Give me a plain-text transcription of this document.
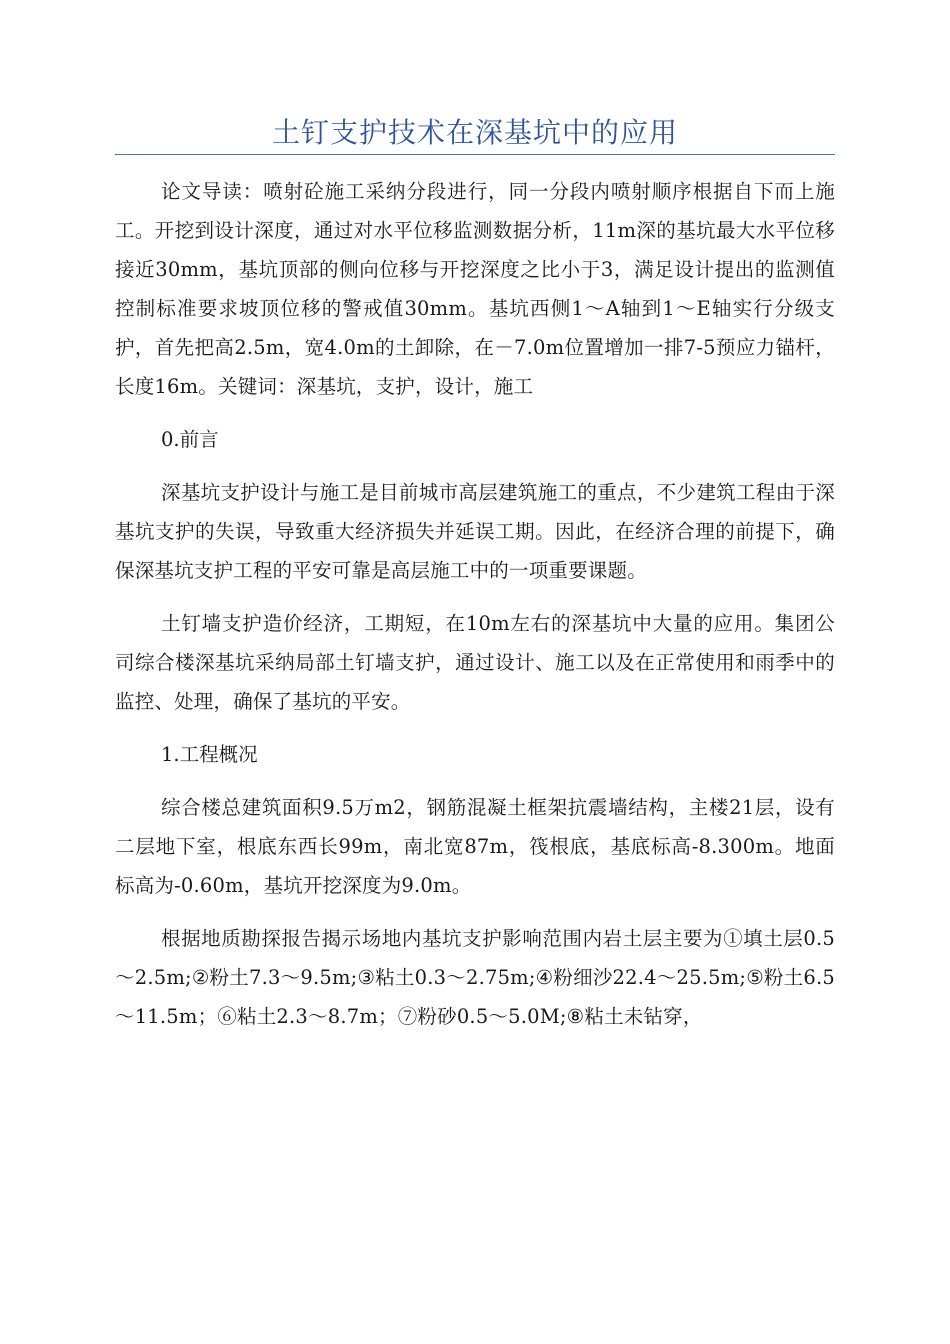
土钉支护技术在深基坑中的应用

论文导读：喷射砼施工采纳分段进行，同一分段内喷射顺序根据自下而上施工。开挖到设计深度，通过对水平位移监测数据分析，11m深的基坑最大水平位移接近30mm，基坑顶部的侧向位移与开挖深度之比小于3，满足设计提出的监测值控制标准要求坡顶位移的警戒值30mm。基坑西侧1～A轴到1～E轴实行分级支护，首先把高2.5m，宽4.0m的土卸除，在－7.0m位置增加一排7-5预应力锚杆，长度16m。关键词：深基坑，支护，设计，施工

0.前言

深基坑支护设计与施工是目前城市高层建筑施工的重点，不少建筑工程由于深基坑支护的失误，导致重大经济损失并延误工期。因此，在经济合理的前提下，确保深基坑支护工程的平安可靠是高层施工中的一项重要课题。

土钉墙支护造价经济，工期短，在10m左右的深基坑中大量的应用。集团公司综合楼深基坑采纳局部土钉墙支护，通过设计、施工以及在正常使用和雨季中的监控、处理，确保了基坑的平安。

1.工程概况

综合楼总建筑面积9.5万m2，钢筋混凝土框架抗震墙结构，主楼21层，设有二层地下室，根底东西长99m，南北宽87m，筏根底，基底标高-8.300m。地面标高为-0.60m，基坑开挖深度为9.0m。

根据地质勘探报告揭示场地内基坑支护影响范围内岩土层主要为①填土层0.5～2.5m;②粉土7.3～9.5m;③粘土0.3～2.75m;④粉细沙22.4～25.5m;⑤粉土6.5～11.5m；⑥粘土2.3～8.7m；⑦粉砂0.5～5.0M;⑧粘土未钻穿，
